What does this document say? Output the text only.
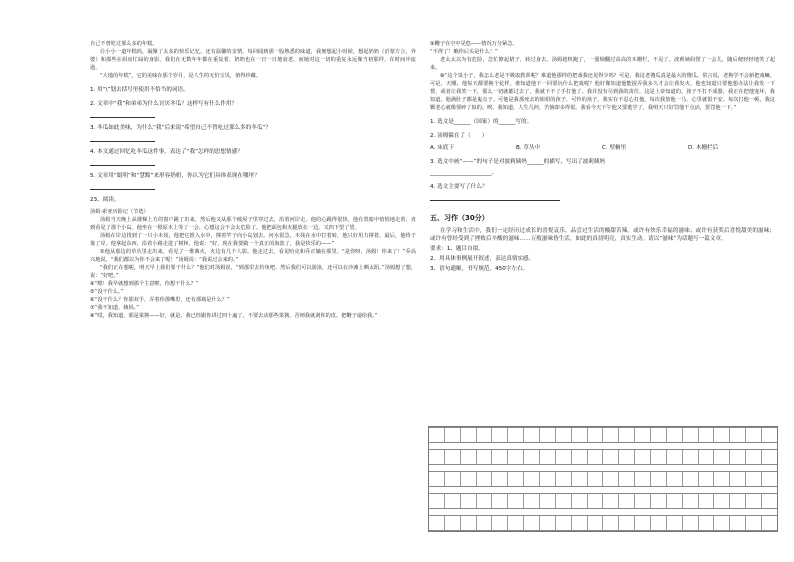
自己不曾吃过那么多的年糕。
⑫小小一道年糕吗，凝聚了太多的快乐记忆。还有温馨的亲情。每回闻到那一股熟悉的味道，我便想起小时候，想起奶奶（沂蒙方言，外婆）和那些在厨房忙碌的身影。我们在无数年年都在重复着，奶奶也在一日一日地衰老，而她对这一切的重复永远像当初那样，在时间中流逝。
“大地的年糕”，它的美味在那个岁月，是人生的无价宝贝，值得珍藏。
1. 用“\”划去括号里使用不恰当的词语。
2. 文章中“我”和弟弟为什么讨厌冬瓜？这样写有什么作用？
3. 冬瓜如此美味，为什么“我”后来说“希望自己不曾吃过那么多的冬瓜”？
4. 本文通过回忆吃冬瓜这件事，表达了“我”怎样的思想情感？
5. 文章用“聪明”和“慧黠”来形容奶奶，你认为它们具体表现在哪里？
23、阅读。
汤姆·索亚历险记（节选）
汤姆当天晚上从楼梯上方的窗户跳了出来，然后他又从那个破屋子里穿过去，沿着河岸走。他的心跳得很快，他在黑暗中悄悄地走着，直到看见了那个小岛。他坐在一根原木上等了一会，心想这会不会太危险了。他把面包和火腿放在一边，又四下望了望。
汤姆在岸边找到了一只小木筏，他把它推入水中，撑着竿子向小岛划去。河水很急，木筏在水中打着转，他只好用力撑着。最后，他终于靠了岸。他拿起东西，沿着小路走进了树林，他说：“好，现在我要做一个真正的海盗了，我是快乐的——”
⑤他从那边的草丛里走出来，看见了一堆篝火，火边有几个人影。他走过去，看见哈克和乔正躺在那里。“是你呀，汤姆！你来了！”乔高兴地说，“我们都以为你不会来了呢！”汤姆说：“我说过会来的。”
“我们正在想呢，明天早上我们要干什么？”他们对汤姆说，“到那里去钓鱼吧，然后我们可以游泳，还可以在沙滩上晒太阳。”汤姆想了想，说：“好吧。”
④“嗯！我早就想到那个主意啦，你想干什么？”
⑤“没干什么。”
⑥“没干什么？你那双手，弄着你那嘴里，还有那瓶是什么？”
⑦“我不知道，姨妈。”
⑧“哎，我知道，那是果酱——好，就是。我已经跟你讲过四十遍了，不要去动那些果酱，否则我就剥你的皮。把鞭子递给我。”
⑨鞭子在空中晃悠——情况万分紧急。
“不得了！瞧你后头是什么！”
老太太以为有危险，急忙撩起裙子，转过身去。汤姆趁机跑了，一溜烟翻过高高的木栅栏，不见了。波莉姨妈愣了一会儿，随后便轻轻地笑了起来。
⑩“这个臭小子，我怎么老是不吸取教训呢？难道他那样的把戏我还见得少吗？可是，我这老傻瓜真是最大的傻瓜。常言说，老狗学不会新把戏嘛。可是，天哪，他每天都要换个花样，谁知道他下一回要玩什么把戏呢？他好像知道他能捉弄我多久才会让我发火，他也知道只要他想办法让我发一下愣，或者让我笑一下，那么一切就都过去了，我就下不了手打他了。我并没有尽到我的责任，这是上帝知道的。孩子不打不成器，我正在把他宠坏，我知道。他满肚子都是鬼点子。可他是我那死去的姐姐的孩子，可怜的孩子，我实在不忍心打他。每次我放他一马，心里就很不安。每次打他一顿，我这颗老心就像要碎了似的。唉，我知道，人生几何，苦恼却多得很。我看今天下午他又要逃学了，我明天只好罚他干点活，惩罚他一下。”
1. 选文是______（国家）的______写的。
2. 汤姆躲在了（　　）
A. 床底下	B. 草丛中	C. 壁橱里	D. 木栅栏后
3. 选文中画“——”的句子是对波莉姨妈______的描写，写出了波莉姨妈
______________________。
4. 选文主要写了什么？
五、习作（30分）
在学习和生活中，我们一定经历过成长的喜悦哀乐，品尝过生活的酸甜苦辣。或许有快乐幸福的滋味；或许有获奖后喜悦甜美的滋味；或许有曾经受到了挫败后辛酸的滋味……万般滋味皆生活，如此的真切明亮，真实生动。请以“滋味”为话题写一篇文章。
要求：1、题目自拟。
2、用具体事例展开叙述，表达真情实感。
3、语句通顺，书写规范，450字左右。
